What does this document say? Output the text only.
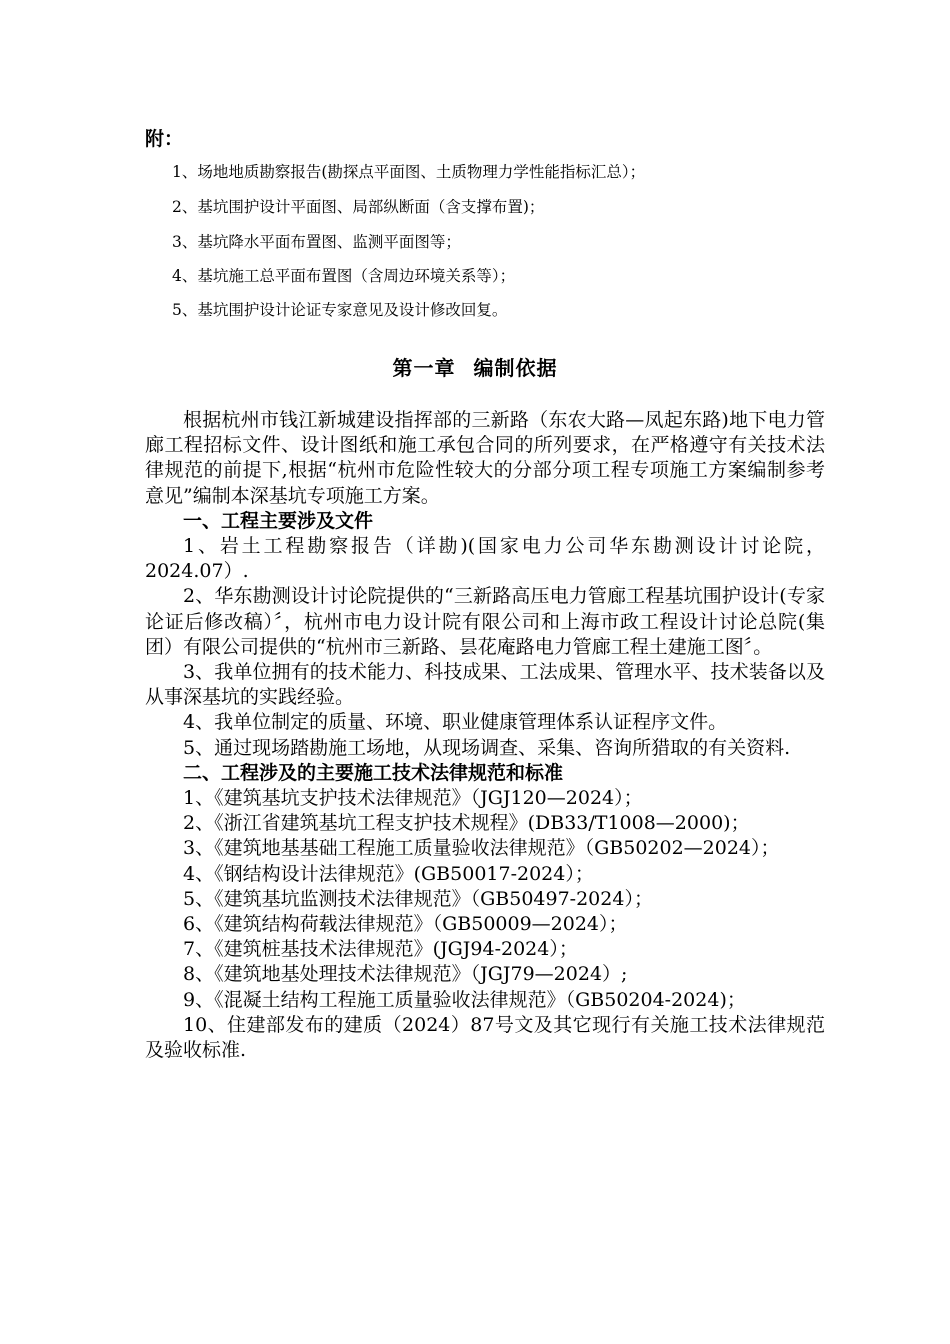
附：

1、场地地质勘察报告(勘探点平面图、土质物理力学性能指标汇总）；

2、基坑围护设计平面图、局部纵断面（含支撑布置)；

3、基坑降水平面布置图、监测平面图等；

4、基坑施工总平面布置图（含周边环境关系等）；

5、基坑围护设计论证专家意见及设计修改回复。

第一章 编制依据

根据杭州市钱江新城建设指挥部的三新路（东农大路—凤起东路)地下电力管廊工程招标文件、设计图纸和施工承包合同的所列要求，在严格遵守有关技术法律规范的前提下,根据“杭州市危险性较大的分部分项工程专项施工方案编制参考意见”编制本深基坑专项施工方案。

一、工程主要涉及文件

1、岩土工程勘察报告（详勘)(国家电力公司华东勘测设计讨论院，2024.07）.

2、华东勘测设计讨论院提供的“三新路高压电力管廊工程基坑围护设计(专家论证后修改稿）〞，杭州市电力设计院有限公司和上海市政工程设计讨论总院(集团）有限公司提供的“杭州市三新路、昙花庵路电力管廊工程土建施工图〞。

3、我单位拥有的技术能力、科技成果、工法成果、管理水平、技术装备以及从事深基坑的实践经验。

4、我单位制定的质量、环境、职业健康管理体系认证程序文件。

5、通过现场踏勘施工场地，从现场调查、采集、咨询所猎取的有关资料.

二、工程涉及的主要施工技术法律规范和标准

1、《建筑基坑支护技术法律规范》（JGJ120—2024）；

2、《浙江省建筑基坑工程支护技术规程》(DB33/T1008—2000)；

3、《建筑地基基础工程施工质量验收法律规范》（GB50202—2024）；

4、《钢结构设计法律规范》(GB50017-2024）；

5、《建筑基坑监测技术法律规范》（GB50497-2024）；

6、《建筑结构荷载法律规范》（GB50009—2024）；

7、《建筑桩基技术法律规范》(JGJ94-2024）；

8、《建筑地基处理技术法律规范》（JGJ79—2024）;

9、《混凝土结构工程施工质量验收法律规范》（GB50204-2024)；

10、住建部发布的建质（2024）87号文及其它现行有关施工技术法律规范及验收标准.
